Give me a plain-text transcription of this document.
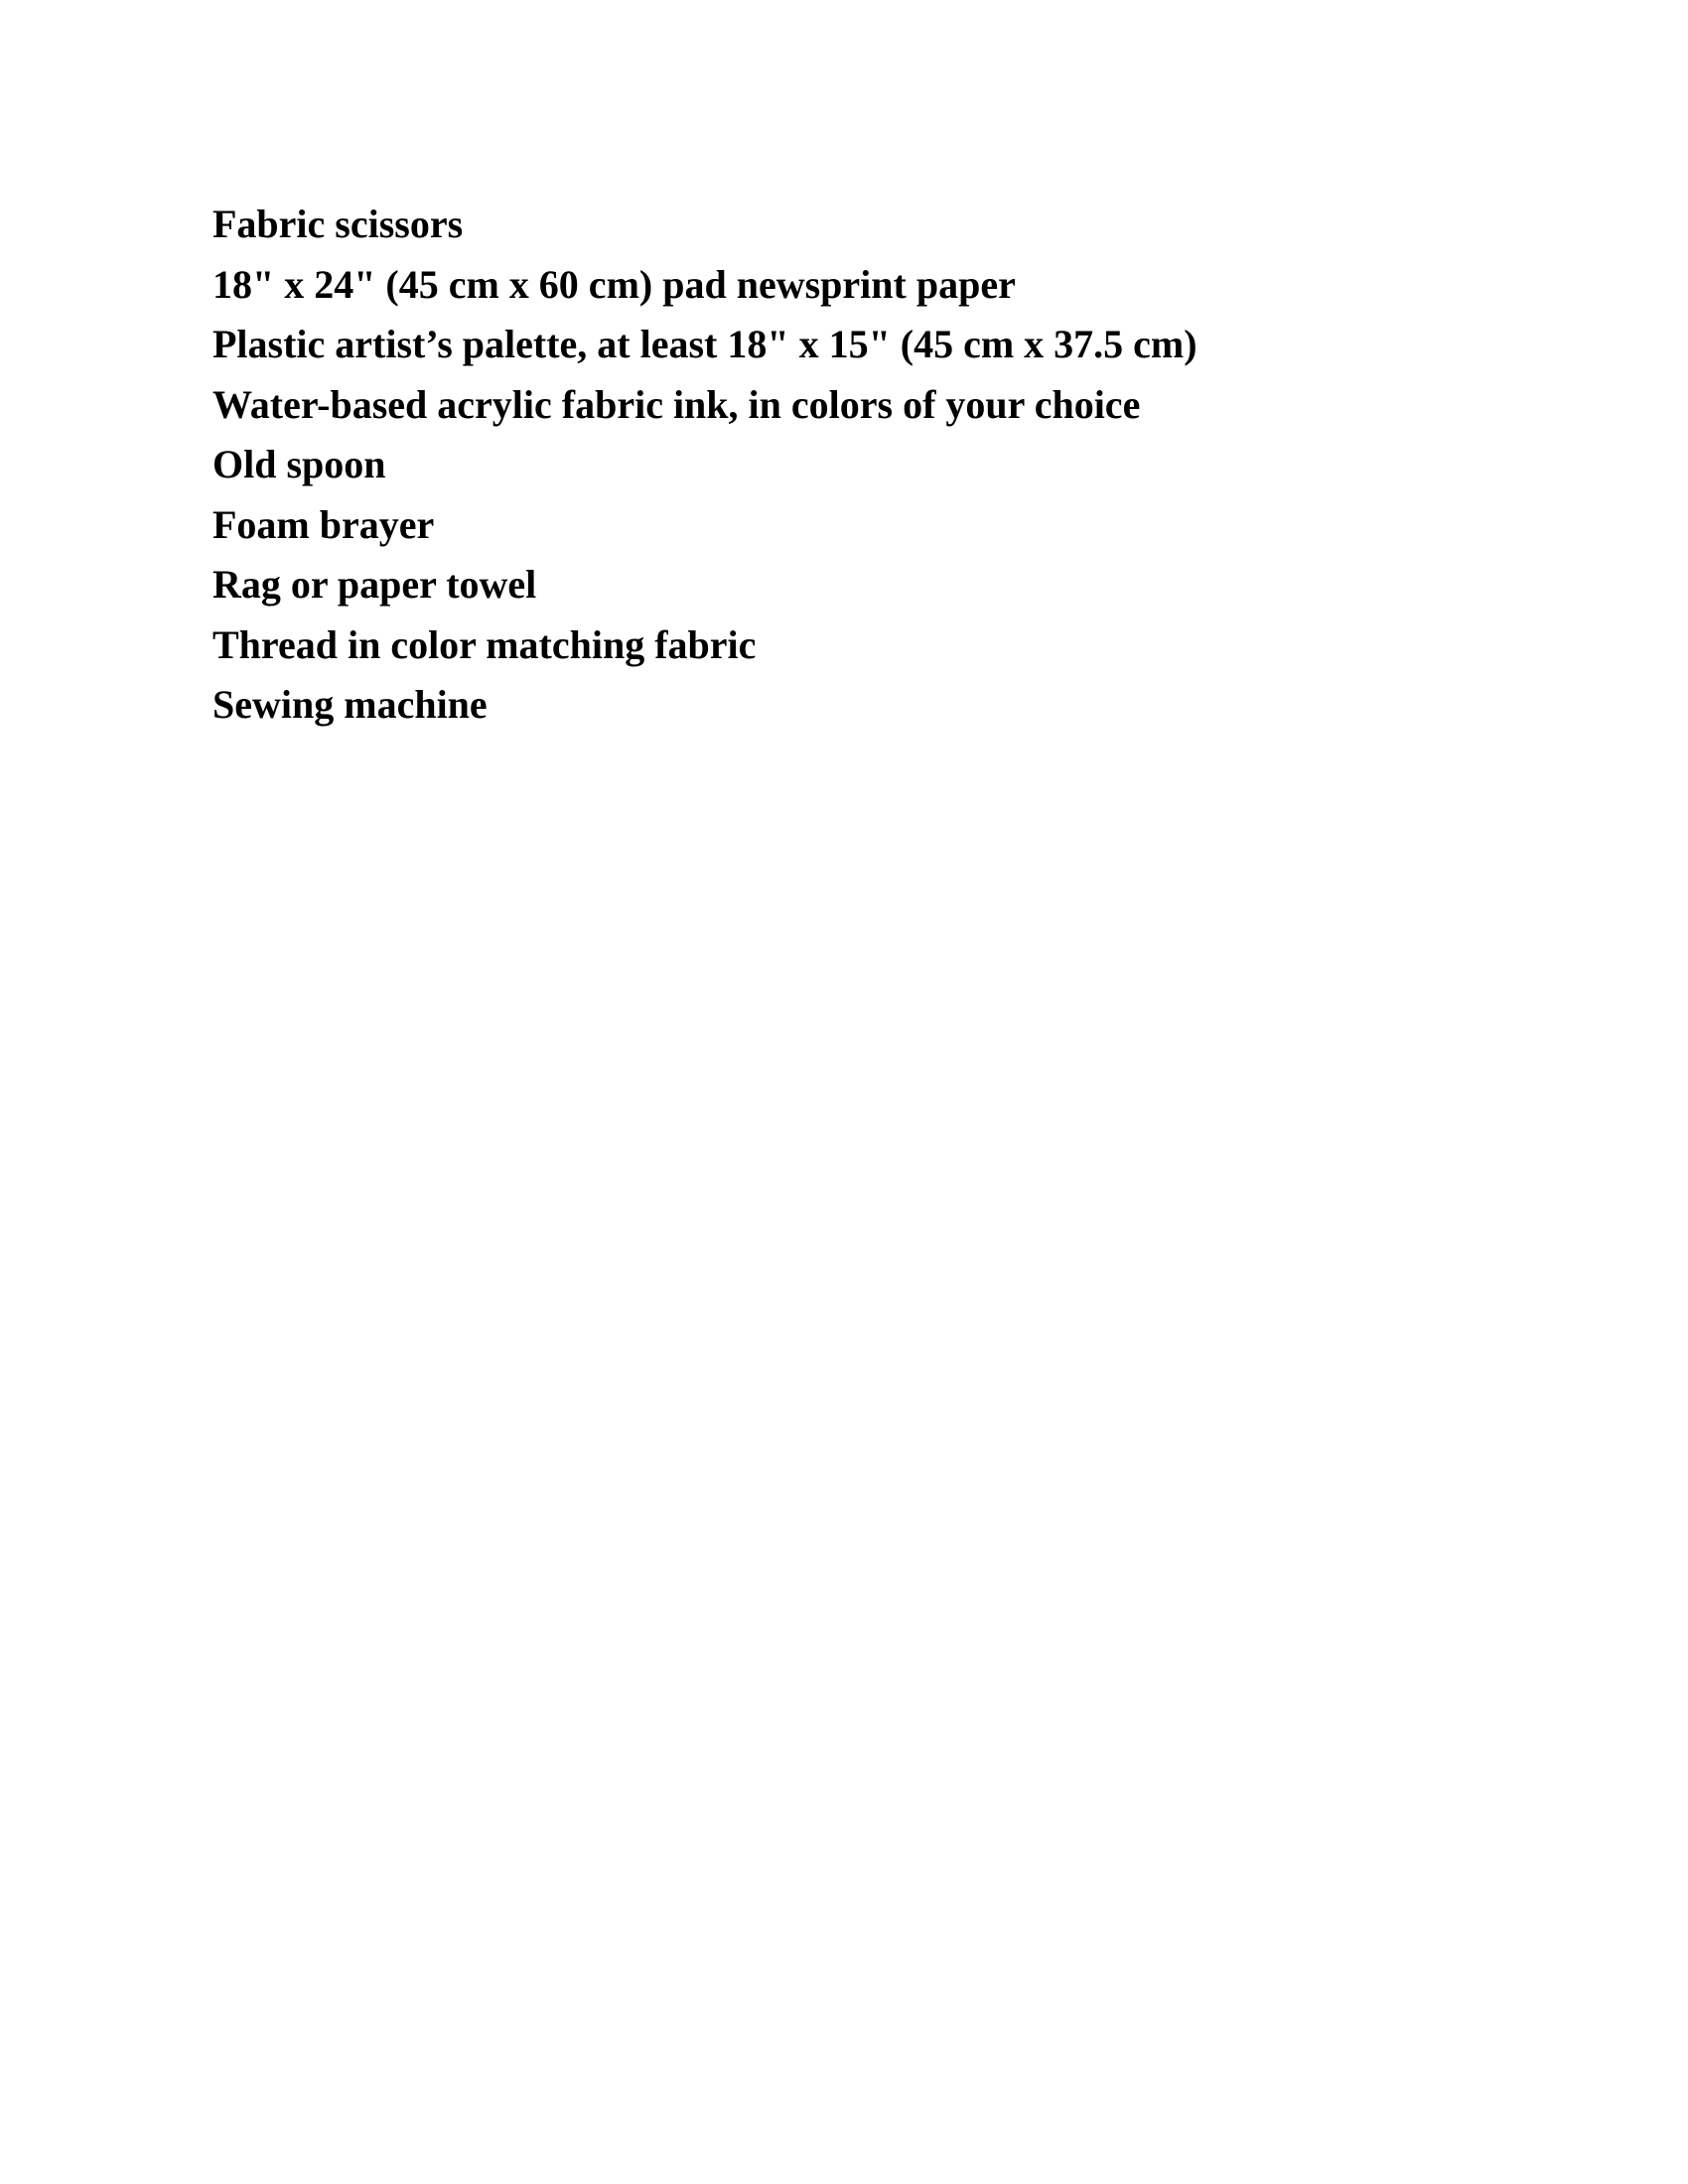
Fabric scissors
18" x 24" (45 cm x 60 cm) pad newsprint paper
Plastic artist’s palette, at least 18" x 15" (45 cm x 37.5 cm)
Water-based acrylic fabric ink, in colors of your choice
Old spoon
Foam brayer
Rag or paper towel
Thread in color matching fabric
Sewing machine
